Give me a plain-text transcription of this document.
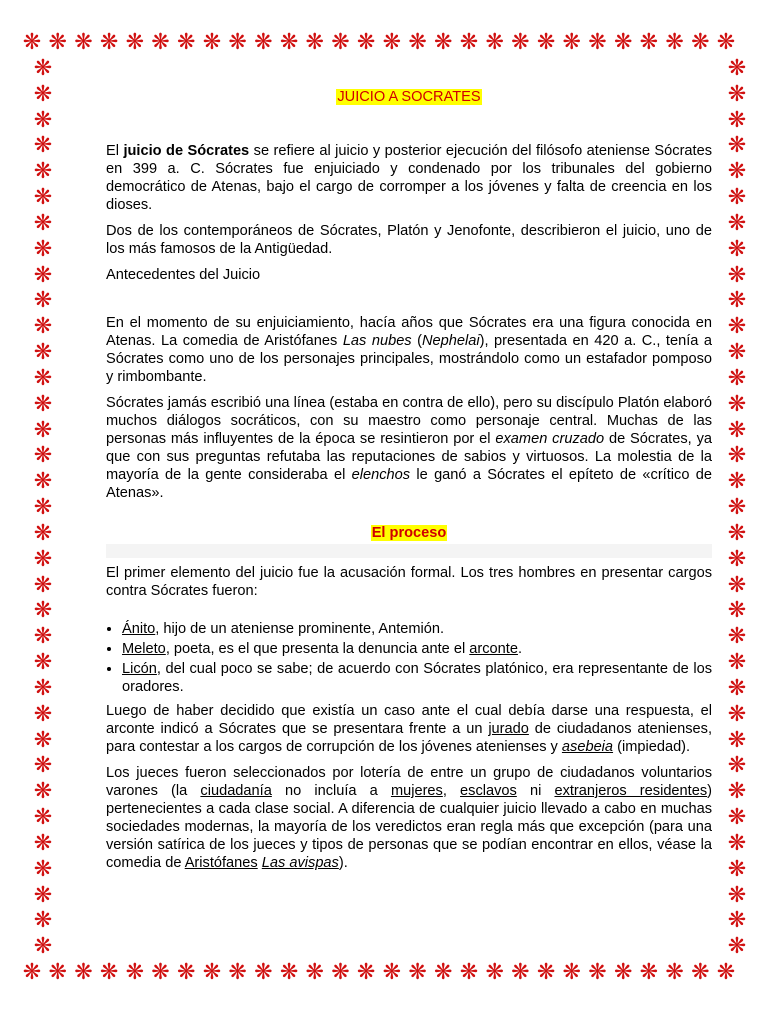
❋
❋
❋
❋
❋
❋
❋
❋
❋
❋
❋
❋
❋
❋
❋
❋
❋
❋
❋
❋
❋
❋
❋
❋
❋
❋
❋
❋
❋
❋
❋
❋
❋
❋
❋
❋
❋
❋
❋
❋
❋
❋
❋
❋
❋
❋
❋
❋
❋
❋
❋
❋
❋
❋
❋
❋
❋	❋
❋	❋
❋	❋
❋	❋
❋	❋
❋	❋
❋	❋
❋	❋
❋	❋
❋	❋
❋	❋
❋	❋
❋	❋
❋	❋
❋	❋
❋	❋
❋	❋
❋	❋
❋	❋
❋	❋
❋	❋
❋	❋
❋	❋
❋	❋
❋	❋
❋	❋
❋	❋
❋	❋
❋	❋
❋	❋
❋	❋
❋	❋
❋	❋
❋	❋
❋	❋
JUICIO A SOCRATES

El juicio de Sócrates se refiere al juicio y posterior ejecución del filósofo ateniense Sócrates en 399 a. C. Sócrates fue enjuiciado y condenado por los tribunales del gobierno democrático de Atenas, bajo el cargo de corromper a los jóvenes y falta de creencia en los dioses.

Dos de los contemporáneos de Sócrates, Platón y Jenofonte, describieron el juicio, uno de los más famosos de la Antigüedad.

Antecedentes del Juicio

En el momento de su enjuiciamiento, hacía años que Sócrates era una figura conocida en Atenas. La comedia de Aristófanes Las nubes (Nephelai), presentada en 420 a. C., tenía a Sócrates como uno de los personajes principales, mostrándolo como un estafador pomposo y rimbombante.

Sócrates jamás escribió una línea (estaba en contra de ello), pero su discípulo Platón elaboró muchos diálogos socráticos, con su maestro como personaje central. Muchas de las personas más influyentes de la época se resintieron por el examen cruzado de Sócrates, ya que con sus preguntas refutaba las reputaciones de sabios y virtuosos. La molestia de la mayoría de la gente consideraba el elenchos le ganó a Sócrates el epíteto de «crítico de Atenas».

El proceso

El primer elemento del juicio fue la acusación formal. Los tres hombres en presentar cargos contra Sócrates fueron:

• Ánito, hijo de un ateniense prominente, Antemión.
• Meleto, poeta, es el que presenta la denuncia ante el arconte.
• Licón, del cual poco se sabe; de acuerdo con Sócrates platónico, era representante de los oradores.

Luego de haber decidido que existía un caso ante el cual debía darse una respuesta, el arconte indicó a Sócrates que se presentara frente a un jurado de ciudadanos atenienses, para contestar a los cargos de corrupción de los jóvenes atenienses y asebeia (impiedad).

Los jueces fueron seleccionados por lotería de entre un grupo de ciudadanos voluntarios varones (la ciudadanía no incluía a mujeres, esclavos ni extranjeros residentes) pertenecientes a cada clase social. A diferencia de cualquier juicio llevado a cabo en muchas sociedades modernas, la mayoría de los veredictos eran regla más que excepción (para una versión satírica de los jueces y tipos de personas que se podían encontrar en ellos, véase la comedia de Aristófanes Las avispas).
